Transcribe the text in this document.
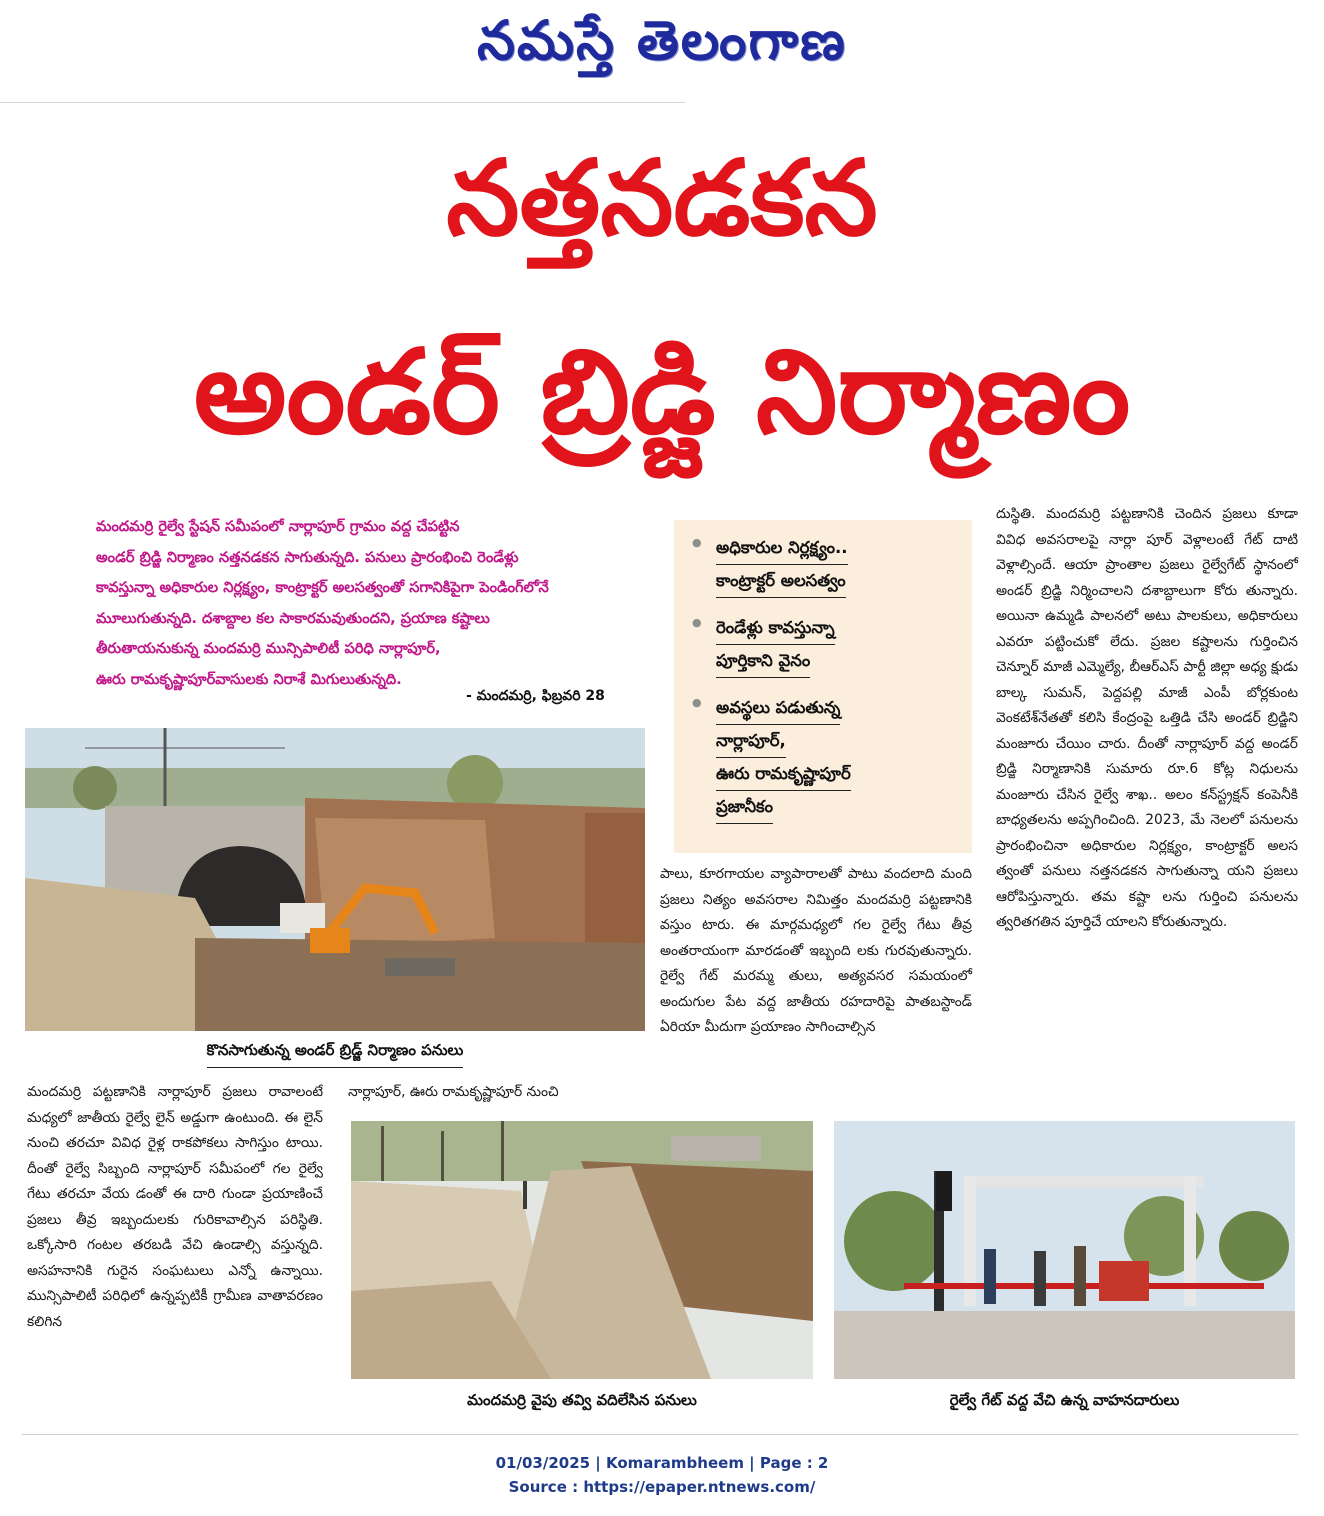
నమస్తే తెలంగాణ
నత్తనడకన
అండర్ బ్రిడ్జి నిర్మాణం
మందమర్రి రైల్వే స్టేషన్ సమీపంలో నార్లాపూర్ గ్రామం వద్ద చేపట్టిన
అండర్ బ్రిడ్జి నిర్మాణం నత్తనడకన సాగుతున్నది. పనులు ప్రారంభించి రెండేళ్లు
కావస్తున్నా అధికారుల నిర్లక్ష్యం, కాంట్రాక్టర్ అలసత్వంతో సగానికిపైగా పెండింగ్‌లోనే
మూలుగుతున్నది. దశాబ్దాల కల సాకారమవుతుందని, ప్రయాణ కష్టాలు
తీరుతాయనుకున్న మందమర్రి మున్సిపాలిటీ పరిధి నార్లాపూర్,
ఊరు రామకృష్ణాపూర్‌వాసులకు నిరాశే మిగులుతున్నది.
- మందమర్రి, ఫిబ్రవరి 28
కొనసాగుతున్న అండర్ బ్రిడ్జ్ నిర్మాణం పనులు
● అధికారుల నిర్లక్ష్యం..
కాంట్రాక్టర్ అలసత్వం
● రెండేళ్లు కావస్తున్నా
పూర్తికాని వైనం
● అవస్థలు పడుతున్న
నార్లాపూర్,
ఊరు రామకృష్ణాపూర్
ప్రజానీకం
పాలు, కూరగాయల వ్యాపారాలతో పాటు వందలాది మంది ప్రజలు నిత్యం అవసరాల నిమిత్తం మందమర్రి పట్టణానికి వస్తుం టారు. ఈ మార్గమధ్యలో గల రైల్వే గేటు తీవ్ర అంతరాయంగా మారడంతో ఇబ్బంది లకు గురవుతున్నారు. రైల్వే గేట్ మరమ్మ తులు, అత్యవసర సమయంలో అందుగుల పేట వద్ద జాతీయ రహదారిపై పాతబస్టాండ్ ఏరియా మీదుగా ప్రయాణం సాగించాల్సిన
దుస్థితి. మందమర్రి పట్టణానికి చెందిన ప్రజలు కూడా వివిధ అవసరాలపై నార్లా పూర్ వెళ్లాలంటే గేట్ దాటి వెళ్లాల్సిందే. ఆయా ప్రాంతాల ప్రజలు రైల్వేగేట్ స్థానంలో అండర్ బ్రిడ్జి నిర్మించాలని దశాబ్దాలుగా కోరు తున్నారు. అయినా ఉమ్మడి పాలనలో అటు పాలకులు, అధికారులు ఎవరూ పట్టించుకో లేదు. ప్రజల కష్టాలను గుర్తించిన చెన్నూర్ మాజీ ఎమ్మెల్యే, బీఆర్ఎస్ పార్టీ జిల్లా అధ్య క్షుడు బాల్క సుమన్, పెద్దపల్లి మాజీ ఎంపీ బోర్లకుంట వెంకటేశ్‌నేతతో కలిసి కేంద్రంపై ఒత్తిడి చేసి అండర్ బ్రిడ్జిని మంజూరు చేయిం చారు. దీంతో నార్లాపూర్ వద్ద అండర్ బ్రిడ్జి నిర్మాణానికి సుమారు రూ.6 కోట్ల నిధులను మంజూరు చేసిన రైల్వే శాఖ.. అలం కన్‌స్ట్రక్షన్ కంపెనీకి బాధ్యతలను అప్పగించింది. 2023, మే నెలలో పనులను ప్రారంభించినా అధికారుల నిర్లక్ష్యం, కాంట్రాక్టర్ అలస త్వంతో పనులు నత్తనడకన సాగుతున్నా యని ప్రజలు ఆరోపిస్తున్నారు. తమ కష్టా లను గుర్తించి పనులను త్వరితగతిన పూర్తిచే యాలని కోరుతున్నారు.
మందమర్రి పట్టణానికి నార్లాపూర్ ప్రజలు రావాలంటే మధ్యలో జాతీయ రైల్వే లైన్ అడ్డుగా ఉంటుంది. ఈ లైన్ నుంచి తరచూ వివిధ రైళ్ల రాకపోకలు సాగిస్తుం టాయి. దీంతో రైల్వే సిబ్బంది నార్లాపూర్ సమీపంలో గల రైల్వే గేటు తరచూ వేయ డంతో ఈ దారి గుండా ప్రయాణించే ప్రజలు తీవ్ర ఇబ్బందులకు గురికావాల్సిన పరిస్థితి. ఒక్కోసారి గంటల తరబడి వేచి ఉండాల్సి వస్తున్నది. అసహనానికి గురైన సంఘటులు ఎన్నో ఉన్నాయి. మున్సిపాలిటీ పరిధిలో ఉన్నప్పటికీ గ్రామీణ వాతావరణం కలిగిన
నార్లాపూర్, ఊరు రామకృష్ణాపూర్ నుంచి
మందమర్రి వైపు తవ్వి వదిలేసిన పనులు	రైల్వే గేట్ వద్ద వేచి ఉన్న వాహనదారులు
01/03/2025 | Komarambheem | Page : 2
Source : https://epaper.ntnews.com/
